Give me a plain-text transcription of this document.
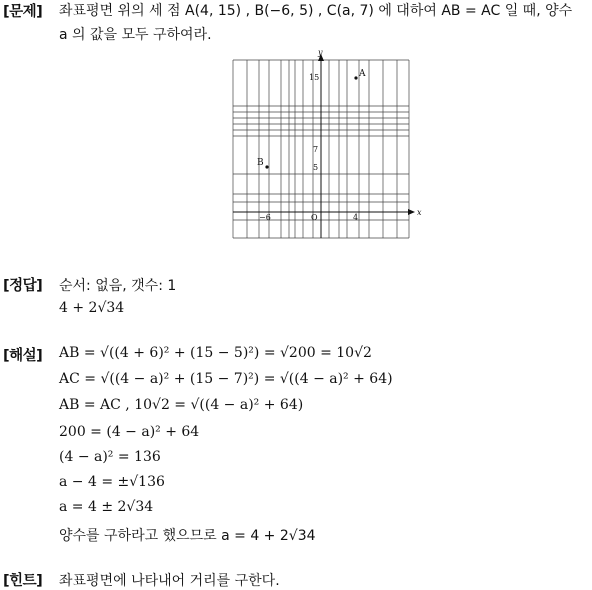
[문제] 좌표평면 위의 세 점 A(4, 15) , B(−6, 5) , C(a, 7) 에 대하여 AB = AC 일 때, 양수
a 의 값을 모두 구하여라.
x
y
O
15
7
5
−6	4
A
B
[정답] 순서: 없음, 갯수: 1
4 + 2√34
[해설] AB = √((4 + 6)² + (15 − 5)²) = √200 = 10√2
AC = √((4 − a)² + (15 − 7)²) = √((4 − a)² + 64)
AB = AC , 10√2 = √((4 − a)² + 64)
200 = (4 − a)² + 64
(4 − a)² = 136
a − 4 = ±√136
a = 4 ± 2√34
양수를 구하라고 했으므로 a = 4 + 2√34
[힌트] 좌표평면에 나타내어 거리를 구한다.
